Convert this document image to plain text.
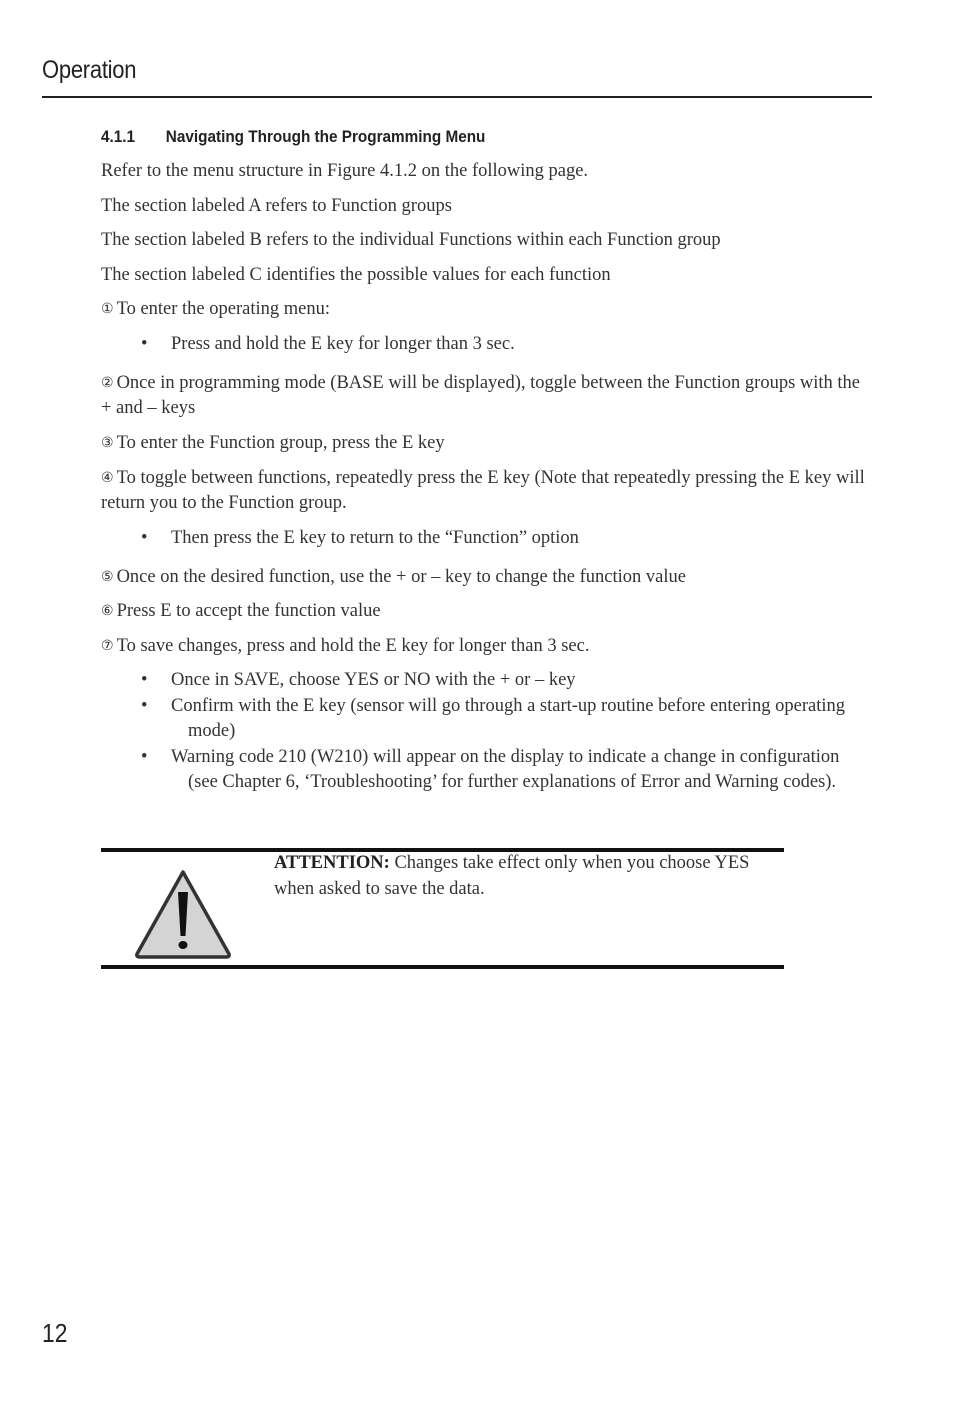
Operation
4.1.1 Navigating Through the Programming Menu
Refer to the menu structure in Figure 4.1.2 on the following page.
The section labeled A refers to Function groups
The section labeled B refers to the individual Functions within each Function group
The section labeled C identifies the possible values for each function
① To enter the operating menu:
•	Press and hold the E key for longer than 3 sec.
② Once in programming mode (BASE will be displayed), toggle between the Function groups with the + and – keys
③ To enter the Function group, press the E key
④ To toggle between functions, repeatedly press the E key (Note that repeatedly pressing the E key will return you to the Function group.
•	Then press the E key to return to the “Function” option
⑤ Once on the desired function, use the + or – key to change the function value
⑥ Press E to accept the function value
⑦ To save changes, press and hold the E key for longer than 3 sec.
•	Once in SAVE, choose YES or NO with the + or – key
•	Confirm with the E key (sensor will go through a start-up routine before entering operating mode)
•	Warning code 210 (W210) will appear on the display to indicate a change in configuration (see Chapter 6, ‘Troubleshooting’ for further explanations of Error and Warning codes).
ATTENTION: Changes take effect only when you choose YES when asked to save the data.
12
